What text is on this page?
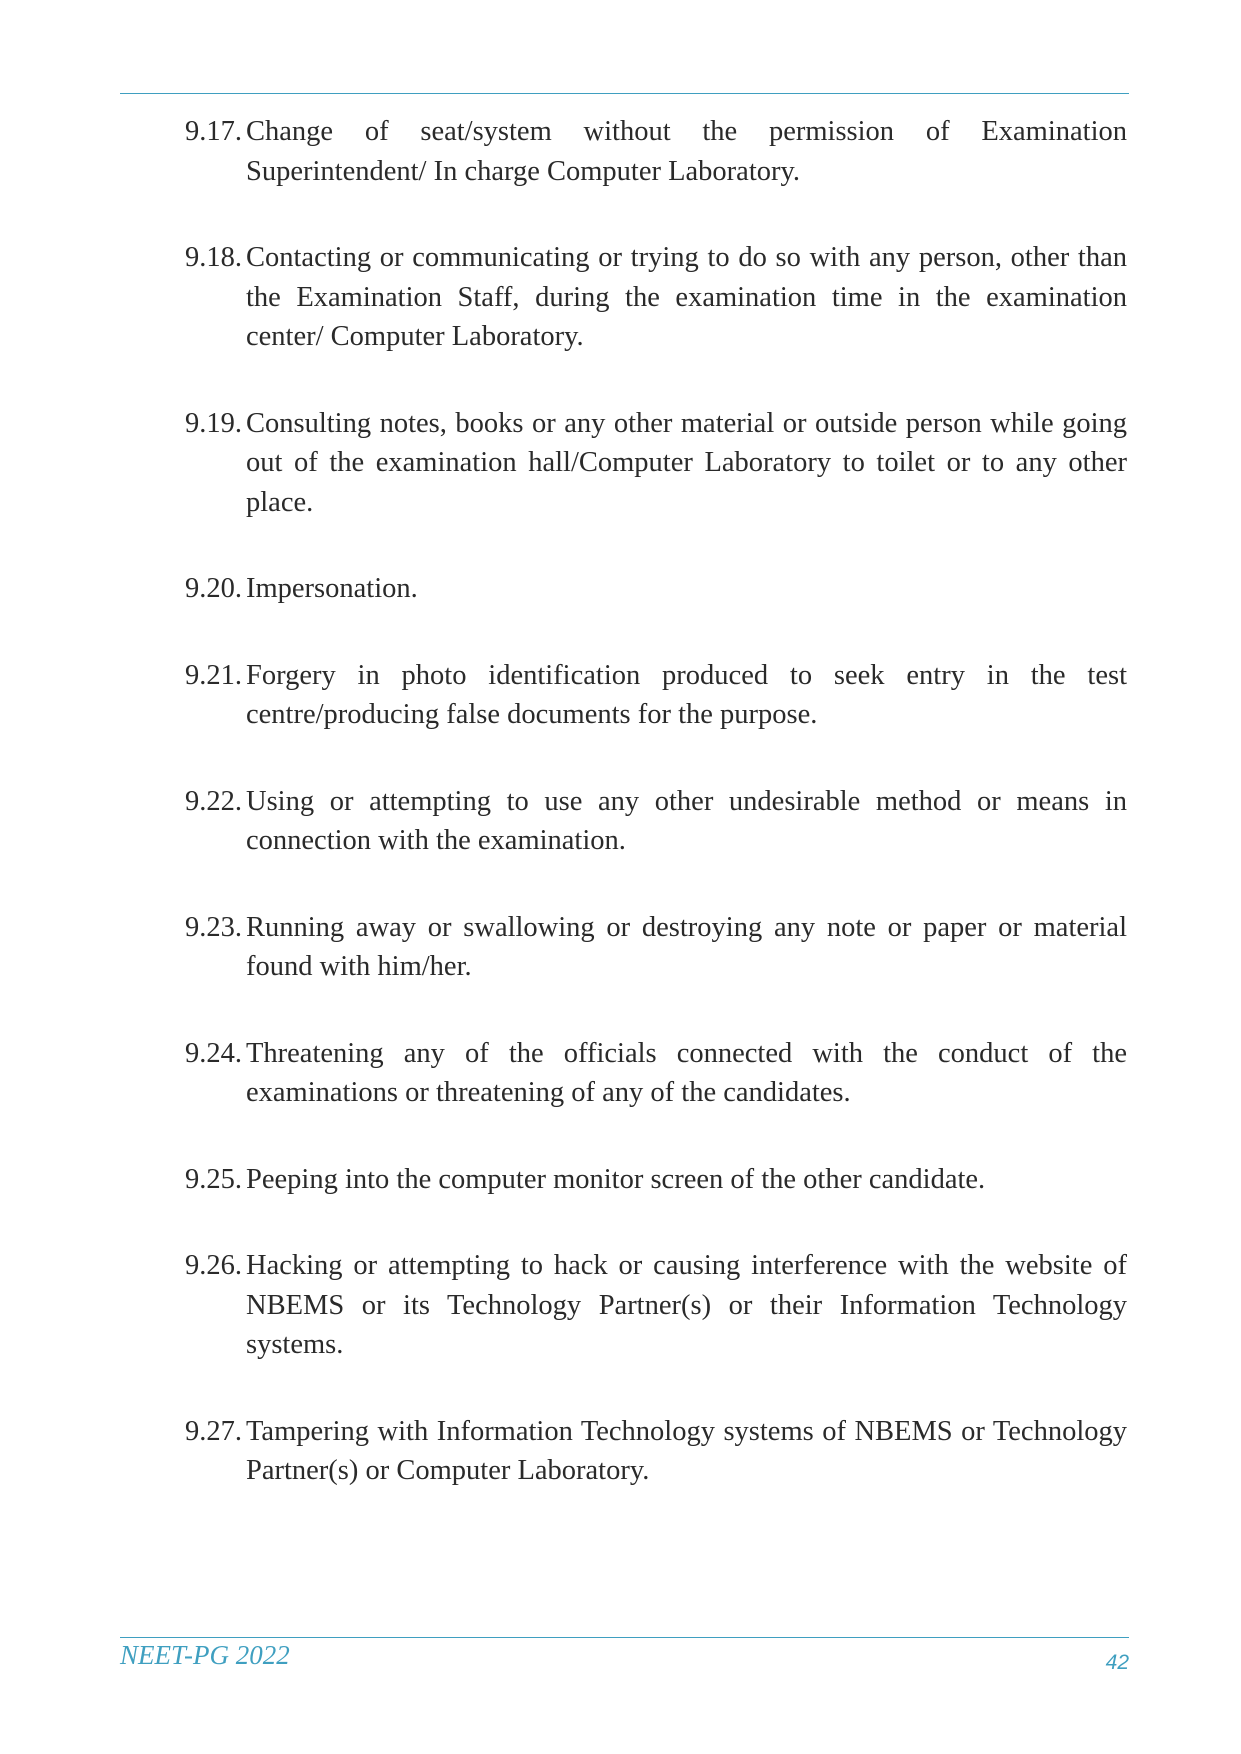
9.17. Change of seat/system without the permission of Examination Superintendent/ In charge Computer Laboratory.
9.18. Contacting or communicating or trying to do so with any person, other than the Examination Staff, during the examination time in the examination center/ Computer Laboratory.
9.19. Consulting notes, books or any other material or outside person while going out of the examination hall/Computer Laboratory to toilet or to any other place.
9.20. Impersonation.
9.21. Forgery in photo identification produced to seek entry in the test centre/producing false documents for the purpose.
9.22. Using or attempting to use any other undesirable method or means in connection with the examination.
9.23. Running away or swallowing or destroying any note or paper or material found with him/her.
9.24. Threatening any of the officials connected with the conduct of the examinations or threatening of any of the candidates.
9.25. Peeping into the computer monitor screen of the other candidate.
9.26. Hacking or attempting to hack or causing interference with the website of NBEMS or its Technology Partner(s) or their Information Technology systems.
9.27. Tampering with Information Technology systems of NBEMS or Technology Partner(s) or Computer Laboratory.
NEET-PG 2022	42
